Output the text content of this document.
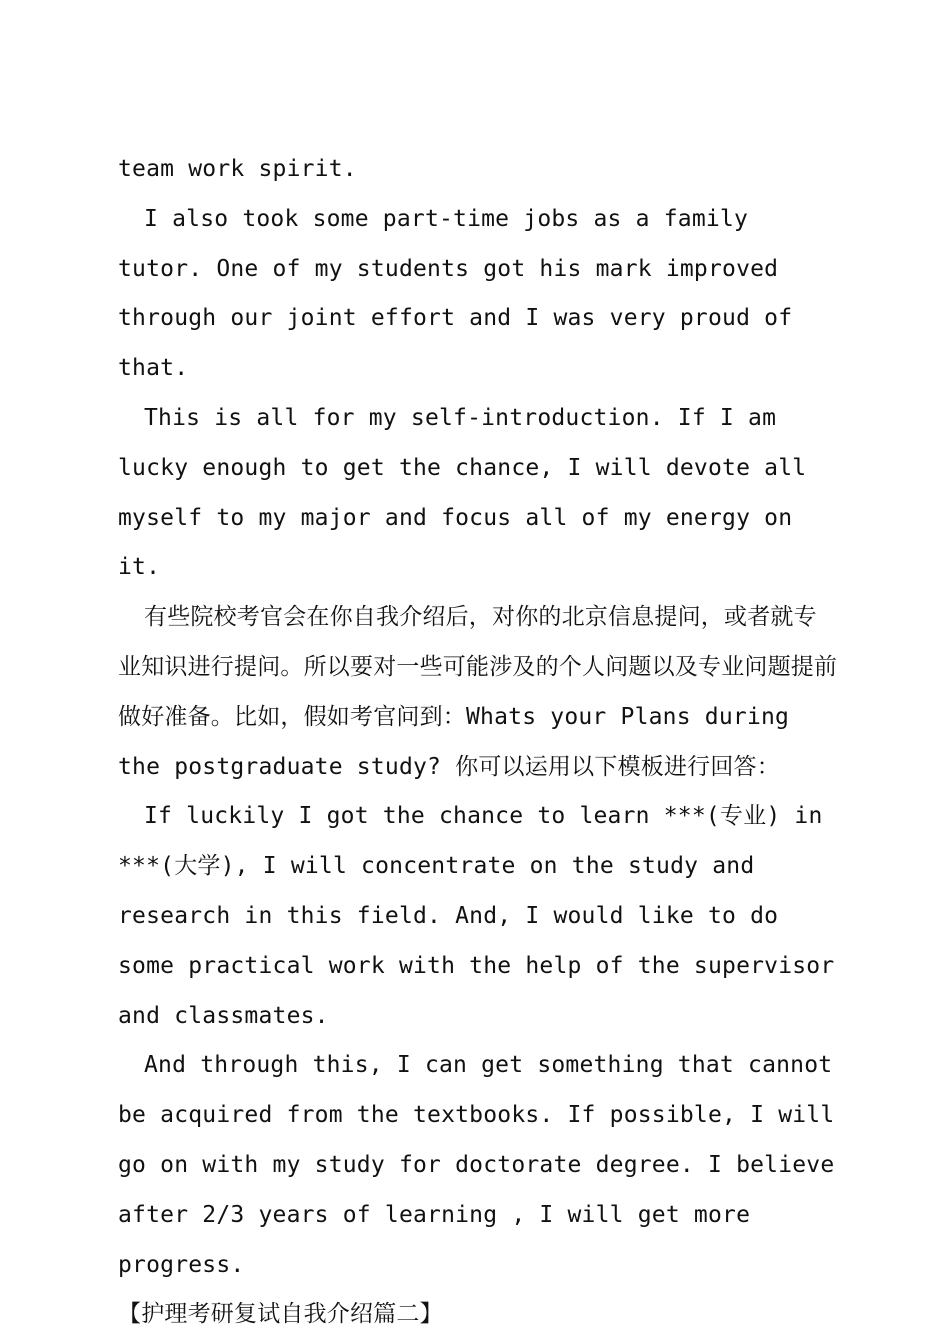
team work spirit.

I also took some part-time jobs as a family tutor. One of my students got his mark improved through our joint effort and I was very proud of that.

This is all for my self-introduction. If I am lucky enough to get the chance, I will devote all myself to my major and focus all of my energy on it.

有些院校考官会在你自我介绍后，对你的北京信息提问，或者就专业知识进行提问。所以要对一些可能涉及的个人问题以及专业问题提前做好准备。比如，假如考官问到：Whats your Plans during the postgraduate study? 你可以运用以下模板进行回答：

If luckily I got the chance to learn ***(专业) in ***(大学), I will concentrate on the study and research in this field. And, I would like to do some practical work with the help of the supervisor and classmates.

And through this, I can get something that cannot be acquired from the textbooks. If possible, I will go on with my study for doctorate degree. I believe after 2/3 years of learning , I will get more progress.

【护理考研复试自我介绍篇二】
